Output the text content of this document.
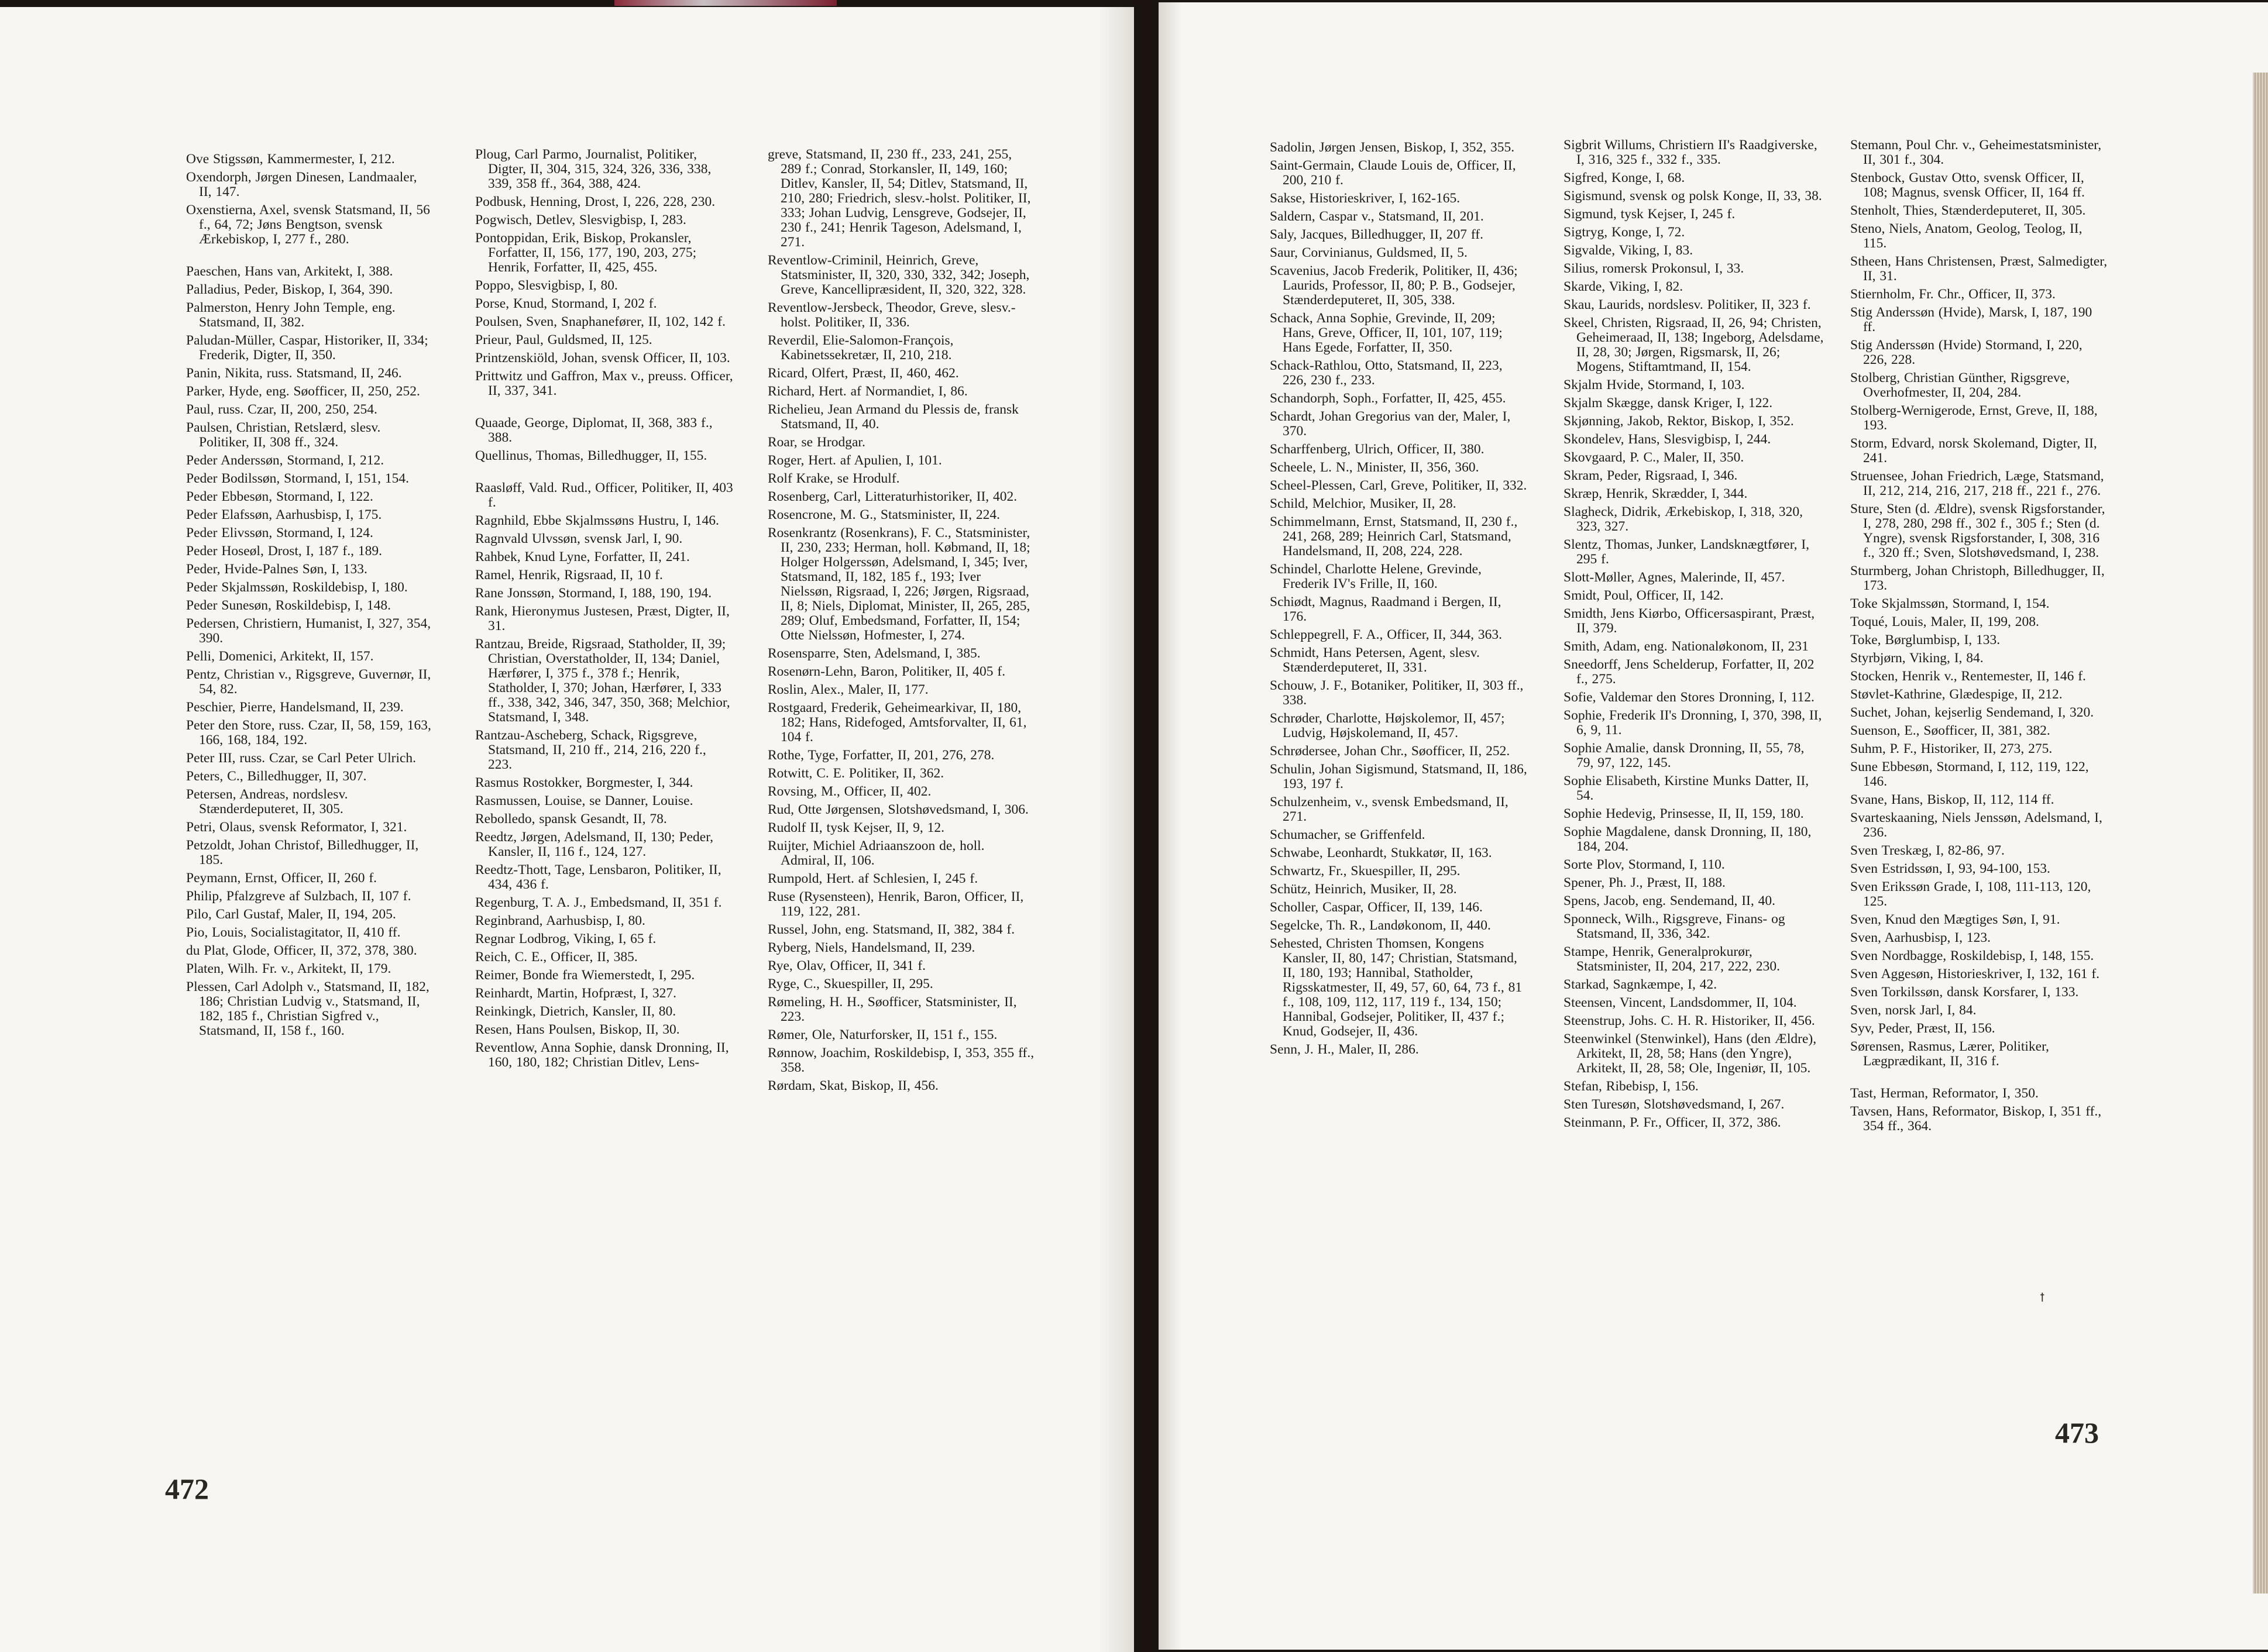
Ove Stigssøn, Kammermester, I, 212.
Oxendorph, Jørgen Dinesen, Landmaaler, II, 147.
Oxenstierna, Axel, svensk Statsmand, II, 56 f., 64, 72; Jøns Bengtson, svensk Ærkebiskop, I, 277 f., 280.
Paeschen, Hans van, Arkitekt, I, 388.
Palladius, Peder, Biskop, I, 364, 390.
Palmerston, Henry John Temple, eng. Statsmand, II, 382.
Paludan-Müller, Caspar, Historiker, II, 334; Frederik, Digter, II, 350.
Panin, Nikita, russ. Statsmand, II, 246.
Parker, Hyde, eng. Søofficer, II, 250, 252.
Paul, russ. Czar, II, 200, 250, 254.
Paulsen, Christian, Retslærd, slesv. Politiker, II, 308 ff., 324.
Peder Anderssøn, Stormand, I, 212.
Peder Bodilssøn, Stormand, I, 151, 154.
Peder Ebbesøn, Stormand, I, 122.
Peder Elafssøn, Aarhusbisp, I, 175.
Peder Elivssøn, Stormand, I, 124.
Peder Hoseøl, Drost, I, 187 f., 189.
Peder, Hvide-Palnes Søn, I, 133.
Peder Skjalmssøn, Roskildebisp, I, 180.
Peder Sunesøn, Roskildebisp, I, 148.
Pedersen, Christiern, Humanist, I, 327, 354, 390.
Pelli, Domenici, Arkitekt, II, 157.
Pentz, Christian v., Rigsgreve, Guvernør, II, 54, 82.
Peschier, Pierre, Handelsmand, II, 239.
Peter den Store, russ. Czar, II, 58, 159, 163, 166, 168, 184, 192.
Peter III, russ. Czar, se Carl Peter Ulrich.
Peters, C., Billedhugger, II, 307.
Petersen, Andreas, nordslesv. Stænderdeputeret, II, 305.
Petri, Olaus, svensk Reformator, I, 321.
Petzoldt, Johan Christof, Billedhugger, II, 185.
Peymann, Ernst, Officer, II, 260 f.
Philip, Pfalzgreve af Sulzbach, II, 107 f.
Pilo, Carl Gustaf, Maler, II, 194, 205.
Pio, Louis, Socialistagitator, II, 410 ff.
du Plat, Glode, Officer, II, 372, 378, 380.
Platen, Wilh. Fr. v., Arkitekt, II, 179.
Plessen, Carl Adolph v., Statsmand, II, 182, 186; Christian Ludvig v., Statsmand, II, 182, 185 f., Christian Sigfred v., Statsmand, II, 158 f., 160.
Ploug, Carl Parmo, Journalist, Politiker, Digter, II, 304, 315, 324, 326, 336, 338, 339, 358 ff., 364, 388, 424.
Podbusk, Henning, Drost, I, 226, 228, 230.
Pogwisch, Detlev, Slesvigbisp, I, 283.
Pontoppidan, Erik, Biskop, Prokansler, Forfatter, II, 156, 177, 190, 203, 275; Henrik, Forfatter, II, 425, 455.
Poppo, Slesvigbisp, I, 80.
Porse, Knud, Stormand, I, 202 f.
Poulsen, Sven, Snaphanefører, II, 102, 142 f.
Prieur, Paul, Guldsmed, II, 125.
Printzenskiöld, Johan, svensk Officer, II, 103.
Prittwitz und Gaffron, Max v., preuss. Officer, II, 337, 341.
Quaade, George, Diplomat, II, 368, 383 f., 388.
Quellinus, Thomas, Billedhugger, II, 155.
Raasløff, Vald. Rud., Officer, Politiker, II, 403 f.
Ragnhild, Ebbe Skjalmssøns Hustru, I, 146.
Ragnvald Ulvssøn, svensk Jarl, I, 90.
Rahbek, Knud Lyne, Forfatter, II, 241.
Ramel, Henrik, Rigsraad, II, 10 f.
Rane Jonssøn, Stormand, I, 188, 190, 194.
Rank, Hieronymus Justesen, Præst, Digter, II, 31.
Rantzau, Breide, Rigsraad, Statholder, II, 39; Christian, Overstatholder, II, 134; Daniel, Hærfører, I, 375 f., 378 f.; Henrik, Statholder, I, 370; Johan, Hærfører, I, 333 ff., 338, 342, 346, 347, 350, 368; Melchior, Statsmand, I, 348.
Rantzau-Ascheberg, Schack, Rigsgreve, Statsmand, II, 210 ff., 214, 216, 220 f., 223.
Rasmus Rostokker, Borgmester, I, 344.
Rasmussen, Louise, se Danner, Louise.
Rebolledo, spansk Gesandt, II, 78.
Reedtz, Jørgen, Adelsmand, II, 130; Peder, Kansler, II, 116 f., 124, 127.
Reedtz-Thott, Tage, Lensbaron, Politiker, II, 434, 436 f.
Regenburg, T. A. J., Embedsmand, II, 351 f.
Reginbrand, Aarhusbisp, I, 80.
Regnar Lodbrog, Viking, I, 65 f.
Reich, C. E., Officer, II, 385.
Reimer, Bonde fra Wiemerstedt, I, 295.
Reinhardt, Martin, Hofpræst, I, 327.
Reinkingk, Dietrich, Kansler, II, 80.
Resen, Hans Poulsen, Biskop, II, 30.
Reventlow, Anna Sophie, dansk Dronning, II, 160, 180, 182; Christian Ditlev, Lens-
greve, Statsmand, II, 230 ff., 233, 241, 255, 289 f.; Conrad, Storkansler, II, 149, 160; Ditlev, Kansler, II, 54; Ditlev, Statsmand, II, 210, 280; Friedrich, slesv.-holst. Politiker, II, 333; Johan Ludvig, Lensgreve, Godsejer, II, 230 f., 241; Henrik Tageson, Adelsmand, I, 271.
Reventlow-Criminil, Heinrich, Greve, Statsminister, II, 320, 330, 332, 342; Joseph, Greve, Kancellipræsident, II, 320, 322, 328.
Reventlow-Jersbeck, Theodor, Greve, slesv.-holst. Politiker, II, 336.
Reverdil, Elie-Salomon-François, Kabinetssekretær, II, 210, 218.
Ricard, Olfert, Præst, II, 460, 462.
Richard, Hert. af Normandiet, I, 86.
Richelieu, Jean Armand du Plessis de, fransk Statsmand, II, 40.
Roar, se Hrodgar.
Roger, Hert. af Apulien, I, 101.
Rolf Krake, se Hrodulf.
Rosenberg, Carl, Litteraturhistoriker, II, 402.
Rosencrone, M. G., Statsminister, II, 224.
Rosenkrantz (Rosenkrans), F. C., Statsminister, II, 230, 233; Herman, holl. Købmand, II, 18; Holger Holgerssøn, Adelsmand, I, 345; Iver, Statsmand, II, 182, 185 f., 193; Iver Nielssøn, Rigsraad, I, 226; Jørgen, Rigsraad, II, 8; Niels, Diplomat, Minister, II, 265, 285, 289; Oluf, Embedsmand, Forfatter, II, 154; Otte Nielssøn, Hofmester, I, 274.
Rosensparre, Sten, Adelsmand, I, 385.
Rosenørn-Lehn, Baron, Politiker, II, 405 f.
Roslin, Alex., Maler, II, 177.
Rostgaard, Frederik, Geheimearkivar, II, 180, 182; Hans, Ridefoged, Amtsforvalter, II, 61, 104 f.
Rothe, Tyge, Forfatter, II, 201, 276, 278.
Rotwitt, C. E. Politiker, II, 362.
Rovsing, M., Officer, II, 402.
Rud, Otte Jørgensen, Slotshøvedsmand, I, 306.
Rudolf II, tysk Kejser, II, 9, 12.
Ruijter, Michiel Adriaanszoon de, holl. Admiral, II, 106.
Rumpold, Hert. af Schlesien, I, 245 f.
Ruse (Rysensteen), Henrik, Baron, Officer, II, 119, 122, 281.
Russel, John, eng. Statsmand, II, 382, 384 f.
Ryberg, Niels, Handelsmand, II, 239.
Rye, Olav, Officer, II, 341 f.
Ryge, C., Skuespiller, II, 295.
Rømeling, H. H., Søofficer, Statsminister, II, 223.
Rømer, Ole, Naturforsker, II, 151 f., 155.
Rønnow, Joachim, Roskildebisp, I, 353, 355 ff., 358.
Rørdam, Skat, Biskop, II, 456.
472
Sadolin, Jørgen Jensen, Biskop, I, 352, 355.
Saint-Germain, Claude Louis de, Officer, II, 200, 210 f.
Sakse, Historieskriver, I, 162-165.
Saldern, Caspar v., Statsmand, II, 201.
Saly, Jacques, Billedhugger, II, 207 ff.
Saur, Corvinianus, Guldsmed, II, 5.
Scavenius, Jacob Frederik, Politiker, II, 436; Laurids, Professor, II, 80; P. B., Godsejer, Stænderdeputeret, II, 305, 338.
Schack, Anna Sophie, Grevinde, II, 209; Hans, Greve, Officer, II, 101, 107, 119; Hans Egede, Forfatter, II, 350.
Schack-Rathlou, Otto, Statsmand, II, 223, 226, 230 f., 233.
Schandorph, Soph., Forfatter, II, 425, 455.
Schardt, Johan Gregorius van der, Maler, I, 370.
Scharffenberg, Ulrich, Officer, II, 380.
Scheele, L. N., Minister, II, 356, 360.
Scheel-Plessen, Carl, Greve, Politiker, II, 332.
Schild, Melchior, Musiker, II, 28.
Schimmelmann, Ernst, Statsmand, II, 230 f., 241, 268, 289; Heinrich Carl, Statsmand, Handelsmand, II, 208, 224, 228.
Schindel, Charlotte Helene, Grevinde, Frederik IV's Frille, II, 160.
Schiødt, Magnus, Raadmand i Bergen, II, 176.
Schleppegrell, F. A., Officer, II, 344, 363.
Schmidt, Hans Petersen, Agent, slesv. Stænderdeputeret, II, 331.
Schouw, J. F., Botaniker, Politiker, II, 303 ff., 338.
Schrøder, Charlotte, Højskolemor, II, 457; Ludvig, Højskolemand, II, 457.
Schrødersee, Johan Chr., Søofficer, II, 252.
Schulin, Johan Sigismund, Statsmand, II, 186, 193, 197 f.
Schulzenheim, v., svensk Embedsmand, II, 271.
Schumacher, se Griffenfeld.
Schwabe, Leonhardt, Stukkatør, II, 163.
Schwartz, Fr., Skuespiller, II, 295.
Schütz, Heinrich, Musiker, II, 28.
Scholler, Caspar, Officer, II, 139, 146.
Segelcke, Th. R., Landøkonom, II, 440.
Sehested, Christen Thomsen, Kongens Kansler, II, 80, 147; Christian, Statsmand, II, 180, 193; Hannibal, Statholder, Rigsskatmester, II, 49, 57, 60, 64, 73 f., 81 f., 108, 109, 112, 117, 119 f., 134, 150; Hannibal, Godsejer, Politiker, II, 437 f.; Knud, Godsejer, II, 436.
Senn, J. H., Maler, II, 286.
Sigbrit Willums, Christiern II's Raadgiverske, I, 316, 325 f., 332 f., 335.
Sigfred, Konge, I, 68.
Sigismund, svensk og polsk Konge, II, 33, 38.
Sigmund, tysk Kejser, I, 245 f.
Sigtryg, Konge, I, 72.
Sigvalde, Viking, I, 83.
Silius, romersk Prokonsul, I, 33.
Skarde, Viking, I, 82.
Skau, Laurids, nordslesv. Politiker, II, 323 f.
Skeel, Christen, Rigsraad, II, 26, 94; Christen, Geheimeraad, II, 138; Ingeborg, Adelsdame, II, 28, 30; Jørgen, Rigsmarsk, II, 26; Mogens, Stiftamtmand, II, 154.
Skjalm Hvide, Stormand, I, 103.
Skjalm Skægge, dansk Kriger, I, 122.
Skjønning, Jakob, Rektor, Biskop, I, 352.
Skondelev, Hans, Slesvigbisp, I, 244.
Skovgaard, P. C., Maler, II, 350.
Skram, Peder, Rigsraad, I, 346.
Skræp, Henrik, Skrædder, I, 344.
Slagheck, Didrik, Ærkebiskop, I, 318, 320, 323, 327.
Slentz, Thomas, Junker, Landsknægtfører, I, 295 f.
Slott-Møller, Agnes, Malerinde, II, 457.
Smidt, Poul, Officer, II, 142.
Smidth, Jens Kiørbo, Officersaspirant, Præst, II, 379.
Smith, Adam, eng. Nationaløkonom, II, 231
Sneedorff, Jens Schelderup, Forfatter, II, 202 f., 275.
Sofie, Valdemar den Stores Dronning, I, 112.
Sophie, Frederik II's Dronning, I, 370, 398, II, 6, 9, 11.
Sophie Amalie, dansk Dronning, II, 55, 78, 79, 97, 122, 145.
Sophie Elisabeth, Kirstine Munks Datter, II, 54.
Sophie Hedevig, Prinsesse, II, II, 159, 180.
Sophie Magdalene, dansk Dronning, II, 180, 184, 204.
Sorte Plov, Stormand, I, 110.
Spener, Ph. J., Præst, II, 188.
Spens, Jacob, eng. Sendemand, II, 40.
Sponneck, Wilh., Rigsgreve, Finans- og Statsmand, II, 336, 342.
Stampe, Henrik, Generalprokurør, Statsminister, II, 204, 217, 222, 230.
Starkad, Sagnkæmpe, I, 42.
Steensen, Vincent, Landsdommer, II, 104.
Steenstrup, Johs. C. H. R. Historiker, II, 456.
Steenwinkel (Stenwinkel), Hans (den Ældre), Arkitekt, II, 28, 58; Hans (den Yngre), Arkitekt, II, 28, 58; Ole, Ingeniør, II, 105.
Stefan, Ribebisp, I, 156.
Sten Turesøn, Slotshøvedsmand, I, 267.
Steinmann, P. Fr., Officer, II, 372, 386.
Stemann, Poul Chr. v., Geheimestatsminister, II, 301 f., 304.
Stenbock, Gustav Otto, svensk Officer, II, 108; Magnus, svensk Officer, II, 164 ff.
Stenholt, Thies, Stænderdeputeret, II, 305.
Steno, Niels, Anatom, Geolog, Teolog, II, 115.
Stheen, Hans Christensen, Præst, Salmedigter, II, 31.
Stiernholm, Fr. Chr., Officer, II, 373.
Stig Anderssøn (Hvide), Marsk, I, 187, 190 ff.
Stig Anderssøn (Hvide) Stormand, I, 220, 226, 228.
Stolberg, Christian Günther, Rigsgreve, Overhofmester, II, 204, 284.
Stolberg-Wernigerode, Ernst, Greve, II, 188, 193.
Storm, Edvard, norsk Skolemand, Digter, II, 241.
Struensee, Johan Friedrich, Læge, Statsmand, II, 212, 214, 216, 217, 218 ff., 221 f., 276.
Sture, Sten (d. Ældre), svensk Rigsforstander, I, 278, 280, 298 ff., 302 f., 305 f.; Sten (d. Yngre), svensk Rigsforstander, I, 308, 316 f., 320 ff.; Sven, Slotshøvedsmand, I, 238.
Sturmberg, Johan Christoph, Billedhugger, II, 173.
Toke Skjalmssøn, Stormand, I, 154.
Toqué, Louis, Maler, II, 199, 208.
Toke, Børglumbisp, I, 133.
Styrbjørn, Viking, I, 84.
Stocken, Henrik v., Rentemester, II, 146 f.
Støvlet-Kathrine, Glædespige, II, 212.
Suchet, Johan, kejserlig Sendemand, I, 320.
Suenson, E., Søofficer, II, 381, 382.
Suhm, P. F., Historiker, II, 273, 275.
Sune Ebbesøn, Stormand, I, 112, 119, 122, 146.
Svane, Hans, Biskop, II, 112, 114 ff.
Svarteskaaning, Niels Jenssøn, Adelsmand, I, 236.
Sven Treskæg, I, 82-86, 97.
Sven Estridssøn, I, 93, 94-100, 153.
Sven Erikssøn Grade, I, 108, 111-113, 120, 125.
Sven, Knud den Mægtiges Søn, I, 91.
Sven, Aarhusbisp, I, 123.
Sven Nordbagge, Roskildebisp, I, 148, 155.
Sven Aggesøn, Historieskriver, I, 132, 161 f.
Sven Torkilssøn, dansk Korsfarer, I, 133.
Sven, norsk Jarl, I, 84.
Syv, Peder, Præst, II, 156.
Sørensen, Rasmus, Lærer, Politiker, Lægprædikant, II, 316 f.
Tast, Herman, Reformator, I, 350.
Tavsen, Hans, Reformator, Biskop, I, 351 ff., 354 ff., 364.
473
ꝉ
